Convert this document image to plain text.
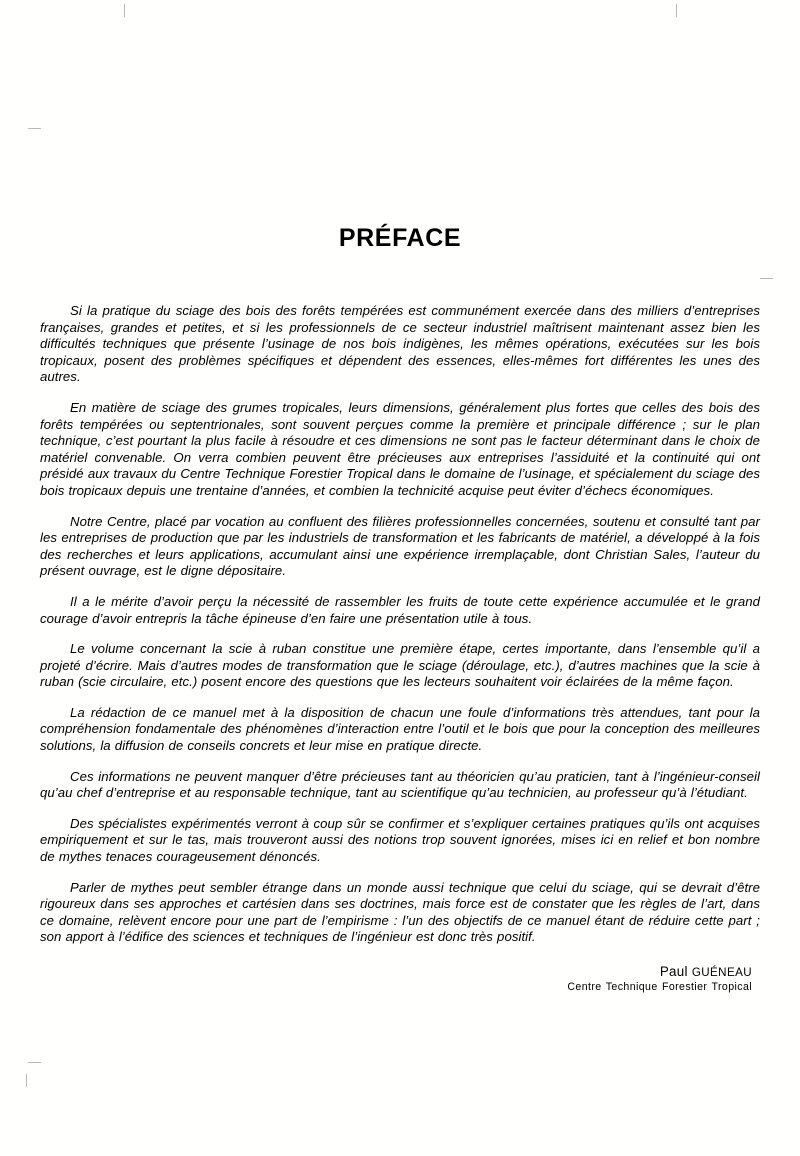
PRÉFACE

Si la pratique du sciage des bois des forêts tempérées est communément exercée dans des milliers d’entreprises françaises, grandes et petites, et si les professionnels de ce secteur industriel maîtrisent maintenant assez bien les difficultés techniques que présente l’usinage de nos bois indigènes, les mêmes opérations, exécutées sur les bois tropicaux, posent des problèmes spécifiques et dépendent des essences, elles-mêmes fort différentes les unes des autres.

En matière de sciage des grumes tropicales, leurs dimensions, généralement plus fortes que celles des bois des forêts tempérées ou septentrionales, sont souvent perçues comme la première et principale différence ; sur le plan technique, c’est pourtant la plus facile à résoudre et ces dimensions ne sont pas le facteur déterminant dans le choix de matériel convenable. On verra combien peuvent être précieuses aux entreprises l’assiduité et la continuité qui ont présidé aux travaux du Centre Technique Forestier Tropical dans le domaine de l’usinage, et spécialement du sciage des bois tropicaux depuis une trentaine d’années, et combien la technicité acquise peut éviter d’échecs économiques.

Notre Centre, placé par vocation au confluent des filières professionnelles concernées, soutenu et consulté tant par les entreprises de production que par les industriels de transformation et les fabricants de matériel, a développé à la fois des recherches et leurs applications, accumulant ainsi une expérience irremplaçable, dont Christian Sales, l’auteur du présent ouvrage, est le digne dépositaire.

Il a le mérite d’avoir perçu la nécessité de rassembler les fruits de toute cette expérience accumulée et le grand courage d’avoir entrepris la tâche épineuse d’en faire une présentation utile à tous.

Le volume concernant la scie à ruban constitue une première étape, certes importante, dans l’ensemble qu’il a projeté d’écrire. Mais d’autres modes de transformation que le sciage (déroulage, etc.), d’autres machines que la scie à ruban (scie circulaire, etc.) posent encore des questions que les lecteurs souhaitent voir éclairées de la même façon.

La rédaction de ce manuel met à la disposition de chacun une foule d’informations très attendues, tant pour la compréhension fondamentale des phénomènes d’interaction entre l’outil et le bois que pour la conception des meilleures solutions, la diffusion de conseils concrets et leur mise en pratique directe.

Ces informations ne peuvent manquer d’être précieuses tant au théoricien qu’au praticien, tant à l’ingénieur-conseil qu’au chef d’entreprise et au responsable technique, tant au scientifique qu’au technicien, au professeur qu’à l’étudiant.

Des spécialistes expérimentés verront à coup sûr se confirmer et s’expliquer certaines pratiques qu’ils ont acquises empiriquement et sur le tas, mais trouveront aussi des notions trop souvent ignorées, mises ici en relief et bon nombre de mythes tenaces courageusement dénoncés.

Parler de mythes peut sembler étrange dans un monde aussi technique que celui du sciage, qui se devrait d’être rigoureux dans ses approches et cartésien dans ses doctrines, mais force est de constater que les règles de l’art, dans ce domaine, relèvent encore pour une part de l’empirisme : l’un des objectifs de ce manuel étant de réduire cette part ; son apport à l’édifice des sciences et techniques de l’ingénieur est donc très positif.

Paul GUÉNEAU
Centre Technique Forestier Tropical
